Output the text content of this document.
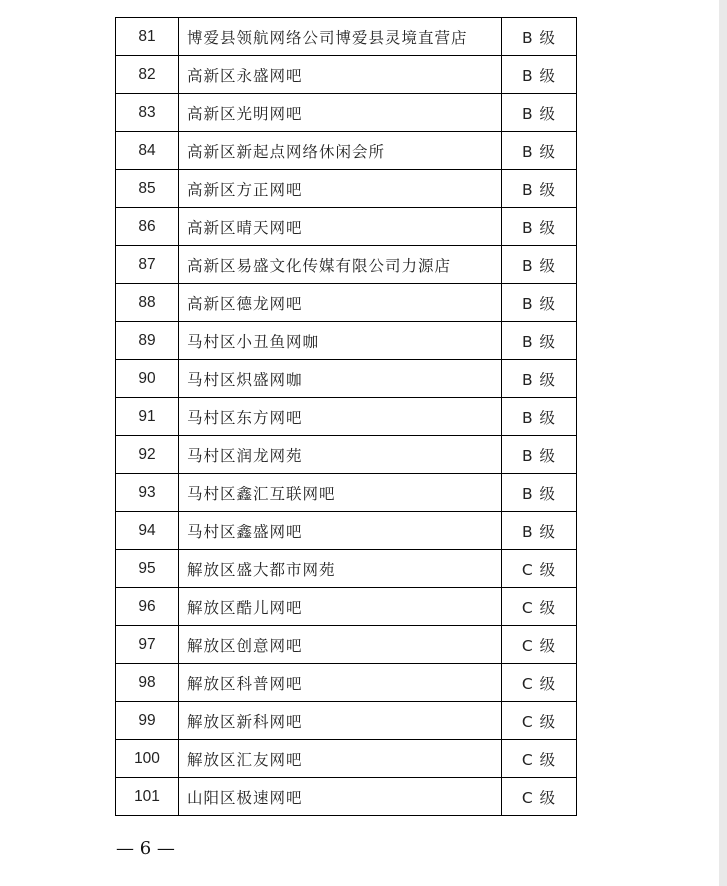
81	博爱县领航网络公司博爱县灵境直营店	B 级
82	高新区永盛网吧	B 级
83	高新区光明网吧	B 级
84	高新区新起点网络休闲会所	B 级
85	高新区方正网吧	B 级
86	高新区晴天网吧	B 级
87	高新区易盛文化传媒有限公司力源店	B 级
88	高新区德龙网吧	B 级
89	马村区小丑鱼网咖	B 级
90	马村区炽盛网咖	B 级
91	马村区东方网吧	B 级
92	马村区润龙网苑	B 级
93	马村区鑫汇互联网吧	B 级
94	马村区鑫盛网吧	B 级
95	解放区盛大都市网苑	C 级
96	解放区酷儿网吧	C 级
97	解放区创意网吧	C 级
98	解放区科普网吧	C 级
99	解放区新科网吧	C 级
100	解放区汇友网吧	C 级
101	山阳区极速网吧	C 级
— 6 —
